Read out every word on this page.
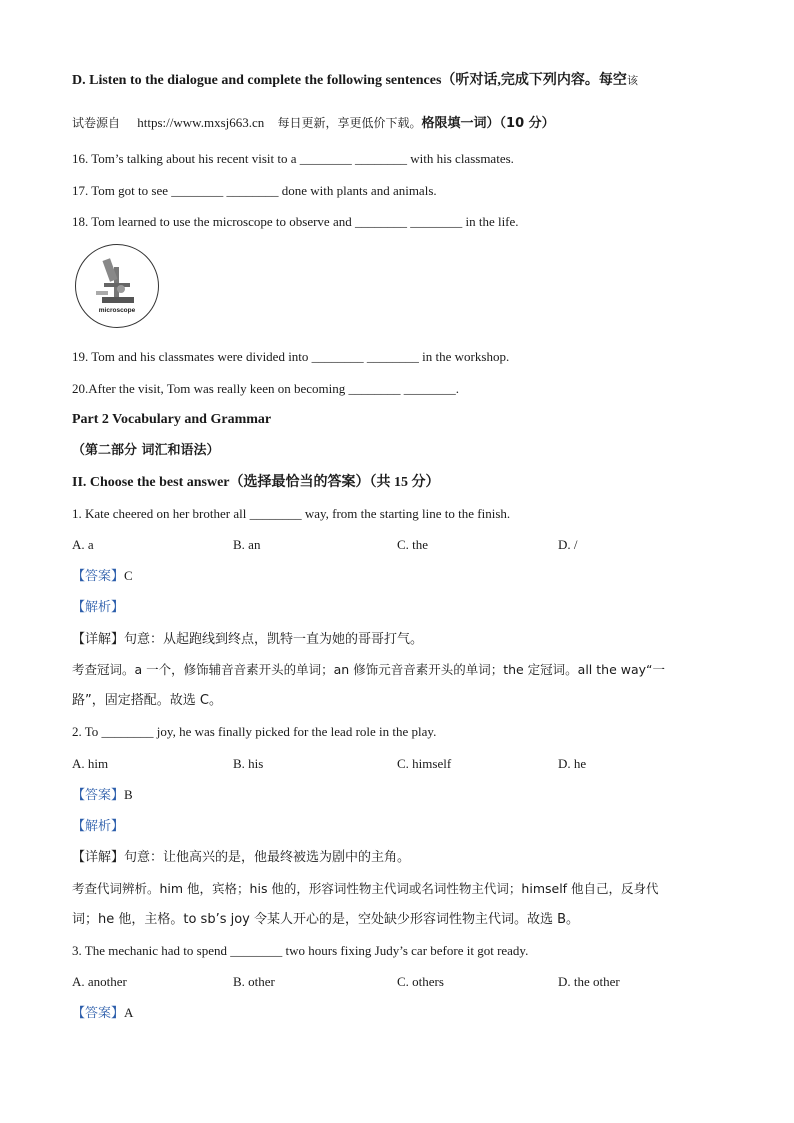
D. Listen to the dialogue and complete the following sentences（听对话,完成下列内容。每空该
试卷源自 https://www.mxsj663.cn 每日更新，享更低价下载。格限填一词）（10 分）
16. Tom’s talking about his recent visit to a ________ ________ with his classmates.
17. Tom got to see ________ ________ done with plants and animals.
18. Tom learned to use the microscope to observe and ________ ________ in the life.
microscope
19. Tom and his classmates were divided into ________ ________ in the workshop.
20.After the visit, Tom was really keen on becoming ________ ________.
Part 2 Vocabulary and Grammar
（第二部分 词汇和语法）
II. Choose the best answer（选择最恰当的答案）（共 15 分）
1. Kate cheered on her brother all ________ way, from the starting line to the finish.
A. a	B. an	C. the	D. /
【答案】C
【解析】
【详解】句意：从起跑线到终点，凯特一直为她的哥哥打气。
考查冠词。a 一个，修饰辅音音素开头的单词；an 修饰元音音素开头的单词；the 定冠词。all the way“一
路”，固定搭配。故选 C。
2. To ________ joy, he was finally picked for the lead role in the play.
A. him	B. his	C. himself	D. he
【答案】B
【解析】
【详解】句意：让他高兴的是，他最终被选为剧中的主角。
考查代词辨析。him 他，宾格；his 他的，形容词性物主代词或名词性物主代词；himself 他自己，反身代
词；he 他，主格。to sb’s joy 令某人开心的是，空处缺少形容词性物主代词。故选 B。
3. The mechanic had to spend ________ two hours fixing Judy’s car before it got ready.
A. another	B. other	C. others	D. the other
【答案】A
